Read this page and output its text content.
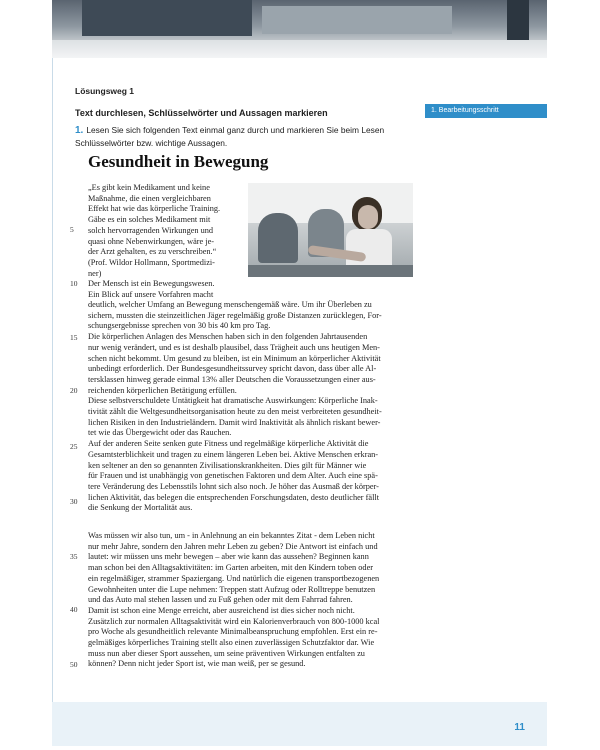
Lösungsweg 1
Text durchlesen, Schlüsselwörter und Aussagen markieren	1. Bearbeitungsschritt
1. Lesen Sie sich folgenden Text einmal ganz durch und markieren Sie beim Lesen
Schlüsselwörter bzw. wichtige Aussagen.
Gesundheit in Bewegung
„Es gibt kein Medikament und keine
Maßnahme, die einen vergleichbaren
Effekt hat wie das körperliche Training.
Gäbe es ein solches Medikament mit
solch hervorragenden Wirkungen und
quasi ohne Nebenwirkungen, wäre je-
der Arzt gehalten, es zu verschreiben.“
(Prof. Wildor Hollmann, Sportmedizi-
ner)
Der Mensch ist ein Bewegungswesen.
Ein Blick auf unsere Vorfahren macht
deutlich, welcher Umfang an Bewegung menschengemäß wäre. Um ihr Überleben zu
sichern, mussten die steinzeitlichen Jäger regelmäßig große Distanzen zurücklegen, For-
schungsergebnisse sprechen von 30 bis 40 km pro Tag.
Die körperlichen Anlagen des Menschen haben sich in den folgenden Jahrtausenden
nur wenig verändert, und es ist deshalb plausibel, dass Trägheit auch uns heutigen Men-
schen nicht bekommt. Um gesund zu bleiben, ist ein Minimum an körperlicher Aktivität
unbedingt erforderlich. Der Bundesgesundheitssurvey spricht davon, dass über alle Al-
tersklassen hinweg gerade einmal 13% aller Deutschen die Voraussetzungen einer aus-
reichenden körperlichen Betätigung erfüllen.
Diese selbstverschuldete Untätigkeit hat dramatische Auswirkungen: Körperliche Inak-
tivität zählt die Weltgesundheitsorganisation heute zu den meist verbreiteten gesundheit-
lichen Risiken in den Industrieländern. Damit wird Inaktivität als ähnlich riskant bewer-
tet wie das Übergewicht oder das Rauchen.
Auf der anderen Seite senken gute Fitness und regelmäßige körperliche Aktivität die
Gesamtsterblichkeit und tragen zu einem längeren Leben bei. Aktive Menschen erkran-
ken seltener an den so genannten Zivilisationskrankheiten. Dies gilt für Männer wie
für Frauen und ist unabhängig von genetischen Faktoren und dem Alter. Auch eine spä-
tere Veränderung des Lebensstils lohnt sich also noch. Je höher das Ausmaß der körper-
lichen Aktivität, das belegen die entsprechenden Forschungsdaten, desto deutlicher fällt
die Senkung der Mortalität aus.
Was müssen wir also tun, um - in Anlehnung an ein bekanntes Zitat - dem Leben nicht
nur mehr Jahre, sondern den Jahren mehr Leben zu geben? Die Antwort ist einfach und
lautet: wir müssen uns mehr bewegen – aber wie kann das aussehen? Beginnen kann
man schon bei den Alltagsaktivitäten: im Garten arbeiten, mit den Kindern toben oder
ein regelmäßiger, strammer Spaziergang. Und natürlich die eigenen transportbezogenen
Gewohnheiten unter die Lupe nehmen: Treppen statt Aufzug oder Rolltreppe benutzen
und das Auto mal stehen lassen und zu Fuß gehen oder mit dem Fahrrad fahren.
Damit ist schon eine Menge erreicht, aber ausreichend ist dies sicher noch nicht.
Zusätzlich zur normalen Alltagsaktivität wird ein Kalorienverbrauch von 800-1000 kcal
pro Woche als gesundheitlich relevante Minimalbeanspruchung empfohlen. Erst ein re-
gelmäßiges körperliches Training stellt also einen zuverlässigen Schutzfaktor dar. Wie
muss nun aber dieser Sport aussehen, um seine präventiven Wirkungen entfalten zu
können? Denn nicht jeder Sport ist, wie man weiß, per se gesund.
5
10
15
20
25
30
35
40
50
11
